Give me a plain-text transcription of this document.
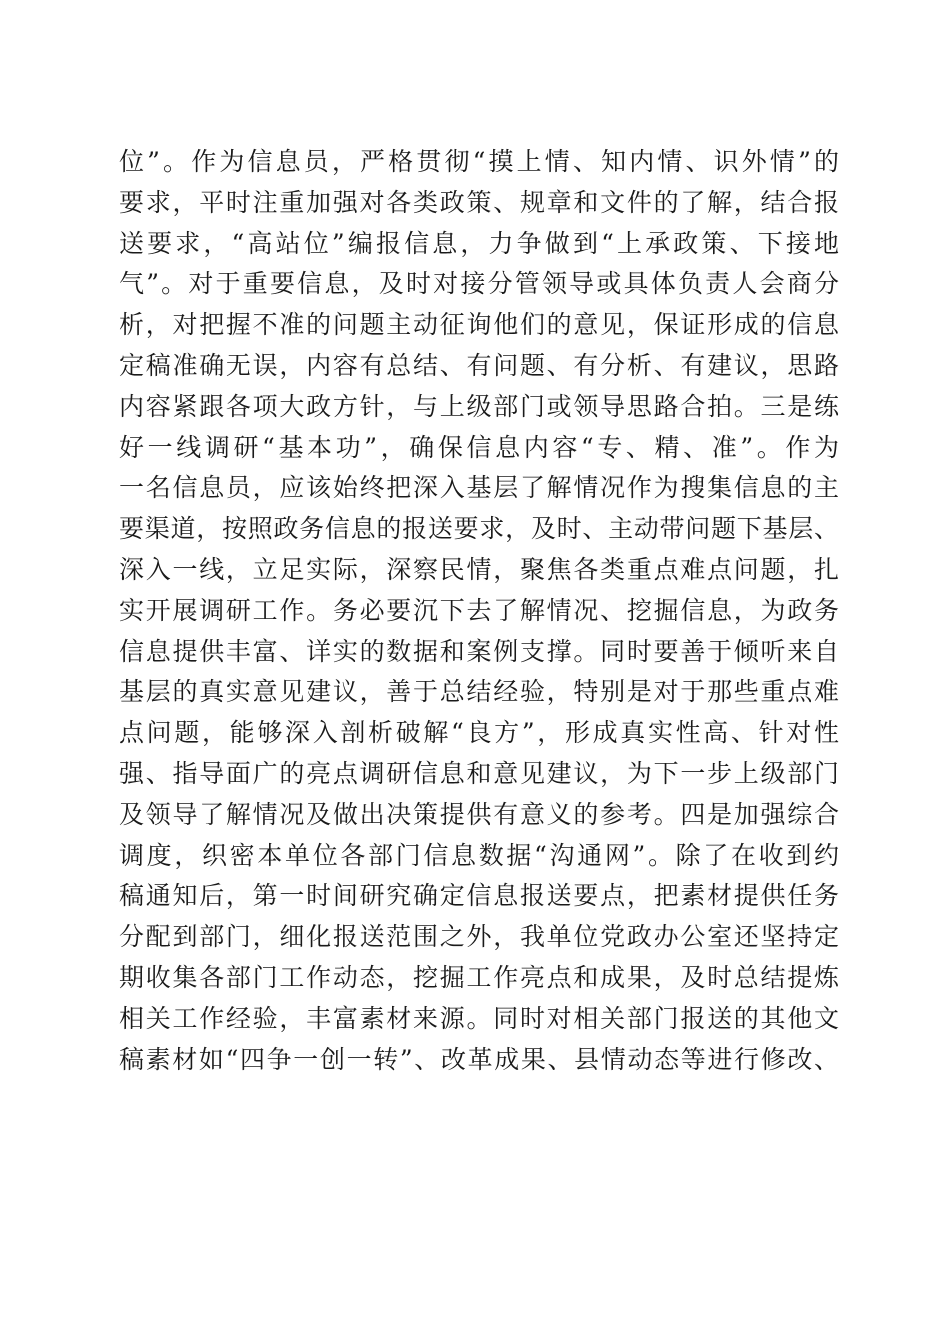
位”。作为信息员，严格贯彻“摸上情、知内情、识外情”的
要求，平时注重加强对各类政策、规章和文件的了解，结合报
送要求，“高站位”编报信息，力争做到“上承政策、下接地
气”。对于重要信息，及时对接分管领导或具体负责人会商分
析，对把握不准的问题主动征询他们的意见，保证形成的信息
定稿准确无误，内容有总结、有问题、有分析、有建议，思路
内容紧跟各项大政方针，与上级部门或领导思路合拍。三是练
好一线调研“基本功”，确保信息内容“专、精、准”。作为
一名信息员，应该始终把深入基层了解情况作为搜集信息的主
要渠道，按照政务信息的报送要求，及时、主动带问题下基层、
深入一线，立足实际，深察民情，聚焦各类重点难点问题，扎
实开展调研工作。务必要沉下去了解情况、挖掘信息，为政务
信息提供丰富、详实的数据和案例支撑。同时要善于倾听来自
基层的真实意见建议，善于总结经验，特别是对于那些重点难
点问题，能够深入剖析破解“良方”，形成真实性高、针对性
强、指导面广的亮点调研信息和意见建议，为下一步上级部门
及领导了解情况及做出决策提供有意义的参考。四是加强综合
调度，织密本单位各部门信息数据“沟通网”。除了在收到约
稿通知后，第一时间研究确定信息报送要点，把素材提供任务
分配到部门，细化报送范围之外，我单位党政办公室还坚持定
期收集各部门工作动态，挖掘工作亮点和成果，及时总结提炼
相关工作经验，丰富素材来源。同时对相关部门报送的其他文
稿素材如“四争一创一转”、改革成果、县情动态等进行修改、
